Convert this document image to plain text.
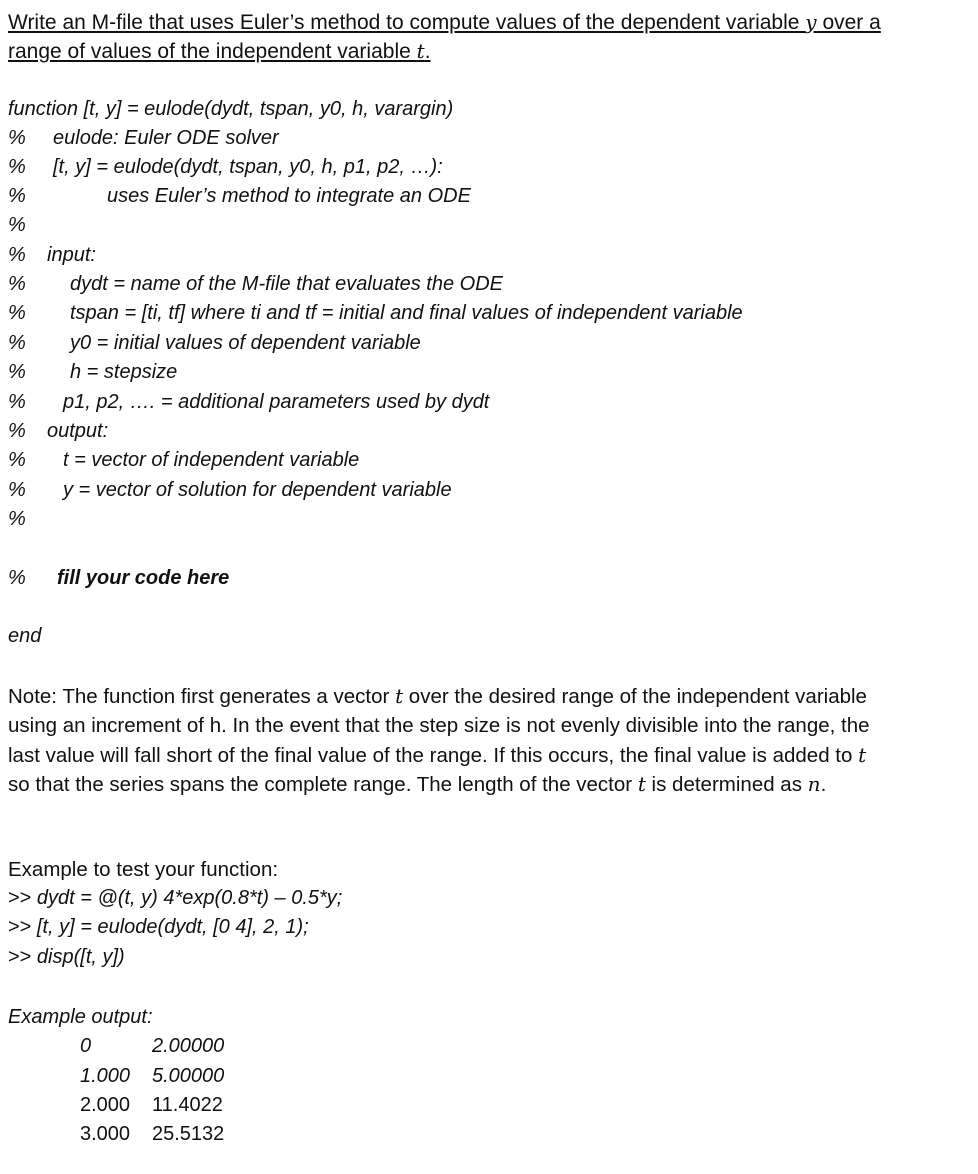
Write an M-file that uses Euler’s method to compute values of the dependent variable y over a
range of values of the independent variable t.
function [t, y] = eulode(dydt, tspan, y0, h, varargin)
% eulode: Euler ODE solver
% [t, y] = eulode(dydt, tspan, y0, h, p1, p2, …):
%	uses Euler’s method to integrate an ODE
%
% input:
% dydt = name of the M-file that evaluates the ODE
% tspan = [ti, tf] where ti and tf = initial and final values of independent variable
% y0 = initial values of dependent variable
% h = stepsize
% p1, p2, …. = additional parameters used by dydt
% output:
% t = vector of independent variable
% y = vector of solution for dependent variable
%
% fill your code here
end
Note: The function first generates a vector t over the desired range of the independent variable
using an increment of h. In the event that the step size is not evenly divisible into the range, the
last value will fall short of the final value of the range. If this occurs, the final value is added to t
so that the series spans the complete range. The length of the vector t is determined as n.
Example to test your function:
>> dydt = @(t, y) 4*exp(0.8*t) – 0.5*y;
>> [t, y] = eulode(dydt, [0 4], 2, 1);
>> disp([t, y])
Example output:
0	2.00000
1.000 5.00000
2.000 11.4022
3.000 25.5132
